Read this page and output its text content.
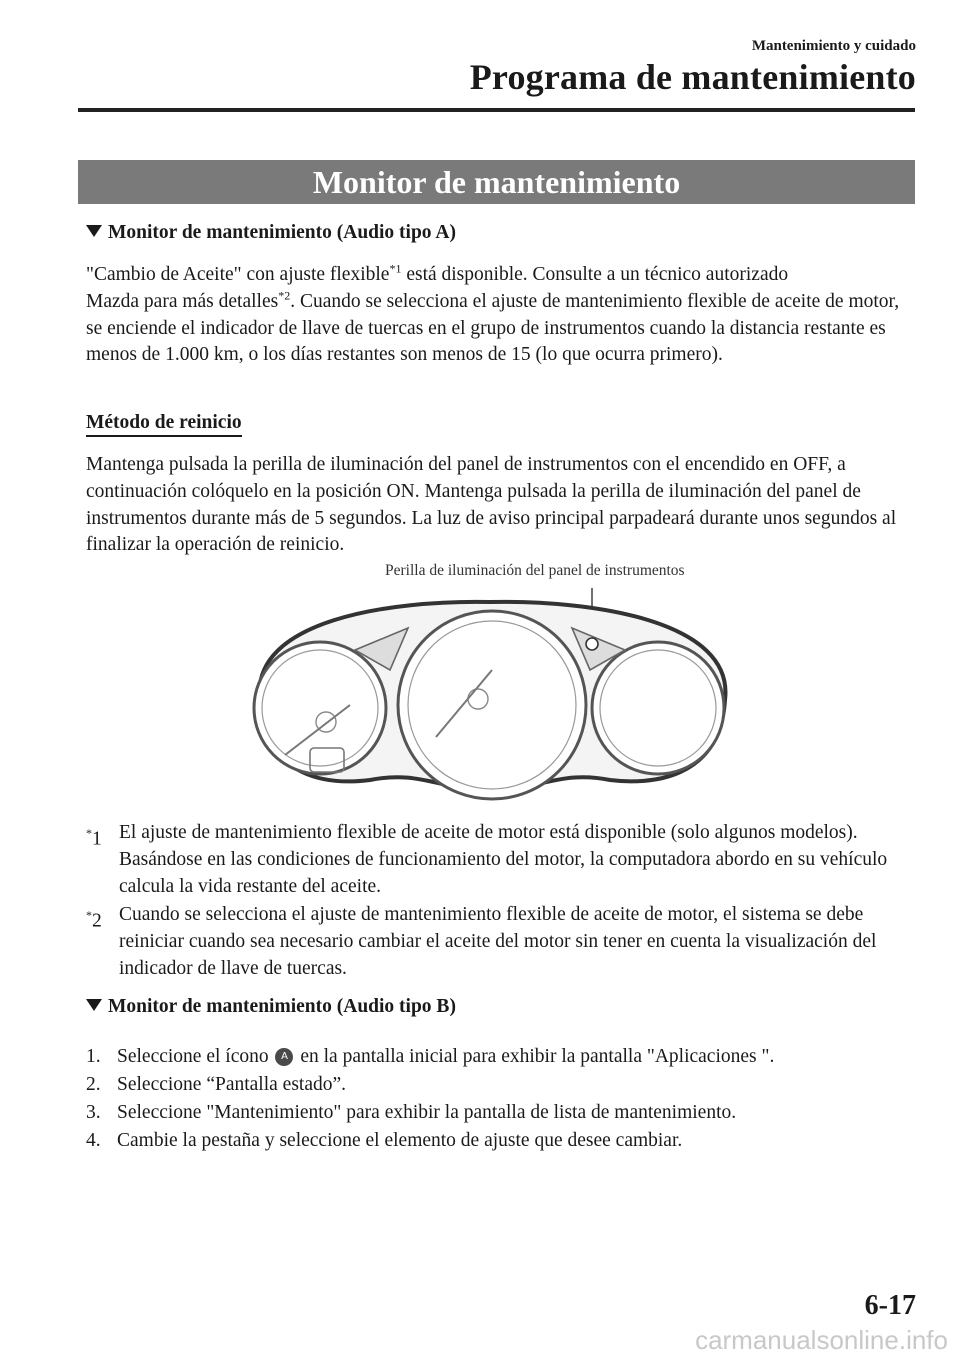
Mantenimiento y cuidado
Programa de mantenimiento
Monitor de mantenimiento
Monitor de mantenimiento (Audio tipo A)
"Cambio de Aceite" con ajuste flexible$^{*1}$ está disponible. Consulte a un técnico autorizado
Mazda para más detalles$^{*2}$. Cuando se selecciona el ajuste de mantenimiento flexible de aceite de motor, se enciende el indicador de llave de tuercas en el grupo de instrumentos cuando la distancia restante es menos de 1.000 km, o los días restantes son menos de 15 (lo que ocurra primero).
Método de reinicio
Mantenga pulsada la perilla de iluminación del panel de instrumentos con el encendido en OFF, a continuación colóquelo en la posición ON. Mantenga pulsada la perilla de iluminación del panel de instrumentos durante más de 5 segundos. La luz de aviso principal parpadeará durante unos segundos al finalizar la operación de reinicio.
Perilla de iluminación del panel de instrumentos
*1 El ajuste de mantenimiento flexible de aceite de motor está disponible (solo algunos modelos). Basándose en las condiciones de funcionamiento del motor, la computadora abordo en su vehículo calcula la vida restante del aceite.
*2 Cuando se selecciona el ajuste de mantenimiento flexible de aceite de motor, el sistema se debe reiniciar cuando sea necesario cambiar el aceite del motor sin tener en cuenta la visualización del indicador de llave de tuercas.
Monitor de mantenimiento (Audio tipo B)
1. Seleccione el ícono A en la pantalla inicial para exhibir la pantalla "Aplicaciones ".
2. Seleccione “Pantalla estado”.
3. Seleccione "Mantenimiento" para exhibir la pantalla de lista de mantenimiento.
4. Cambie la pestaña y seleccione el elemento de ajuste que desee cambiar.
6-17
carmanualsonline.info
